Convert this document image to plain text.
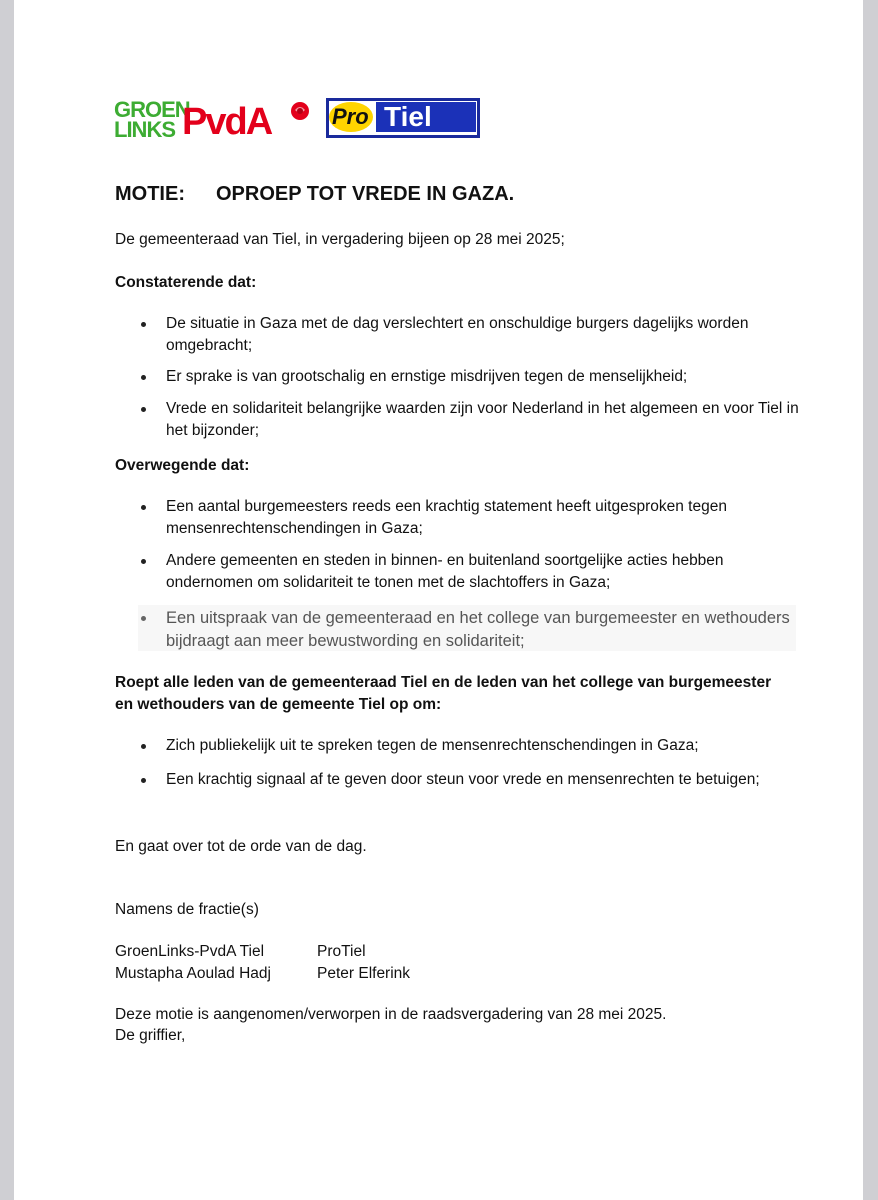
GROEN
LINKS PvdA	Pro Tiel
MOTIE: OPROEP TOT VREDE IN GAZA.
De gemeenteraad van Tiel, in vergadering bijeen op 28 mei 2025;
Constaterende dat:
De situatie in Gaza met de dag verslechtert en onschuldige burgers dagelijks worden omgebracht;
Er sprake is van grootschalig en ernstige misdrijven tegen de menselijkheid;
Vrede en solidariteit belangrijke waarden zijn voor Nederland in het algemeen en voor Tiel in het bijzonder;
Overwegende dat:
Een aantal burgemeesters reeds een krachtig statement heeft uitgesproken tegen mensenrechtenschendingen in Gaza;
Andere gemeenten en steden in binnen- en buitenland soortgelijke acties hebben ondernomen om solidariteit te tonen met de slachtoffers in Gaza;
Een uitspraak van de gemeenteraad en het college van burgemeester en wethouders bijdraagt aan meer bewustwording en solidariteit;
Roept alle leden van de gemeenteraad Tiel en de leden van het college van burgemeester en wethouders van de gemeente Tiel op om:
Zich publiekelijk uit te spreken tegen de mensenrechtenschendingen in Gaza;
Een krachtig signaal af te geven door steun voor vrede en mensenrechten te betuigen;
En gaat over tot de orde van de dag.
Namens de fractie(s)
GroenLinks-PvdA Tiel
Mustapha Aoulad Hadj
ProTiel
Peter Elferink
Deze motie is aangenomen/verworpen in de raadsvergadering van 28 mei 2025.
De griffier,
